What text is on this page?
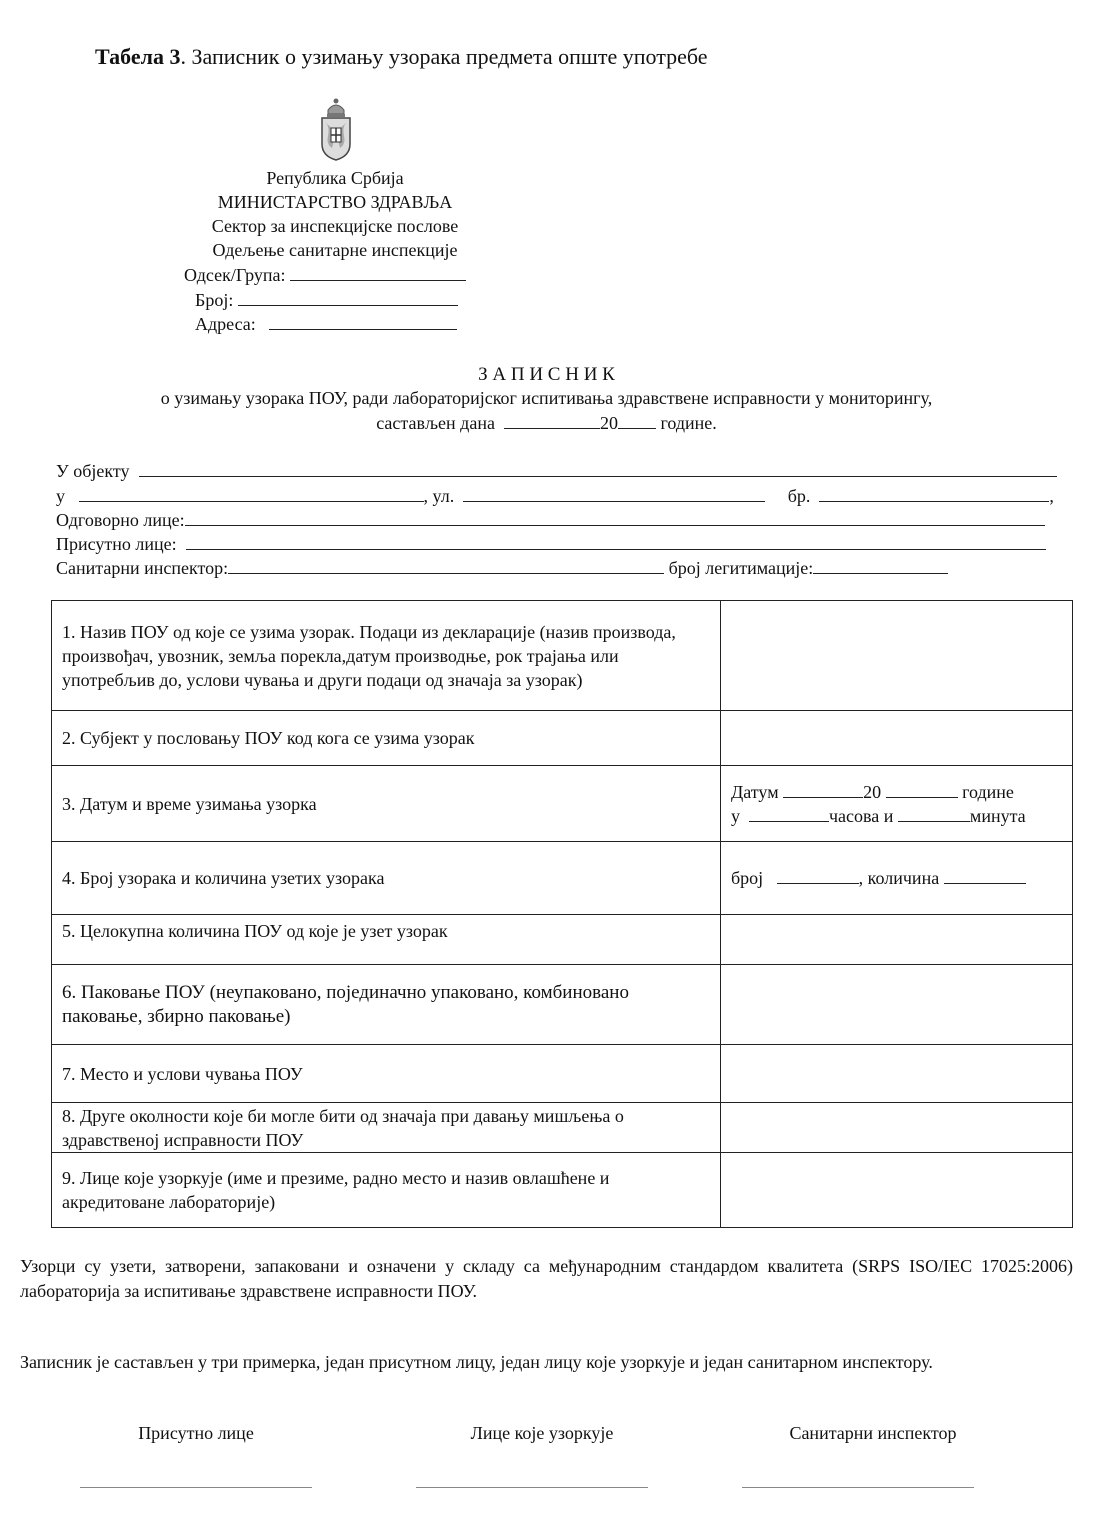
Табела 3. Записник о узимању узорака предмета опште употребе
Република Србија
МИНИСТАРСТВО ЗДРАВЉА
Сектор за инспекцијске послове
Одељење санитарне инспекције
Одсек/Група:
Број:
Адреса:
З А П И С Н И К
о узимању узорака ПОУ, ради лабораторијског испитивања здравствене исправности у мониторингу,
састављен дана	20 године.
У објекту
у	, ул.	бр.	,
Одговорно лице:
Присутно лице:
Санитарни инспектор:	број легитимације:
1. Назив ПОУ од које се узима узорак. Подаци из декларације (назив производа, произвођач, увозник, земља порекла,датум производње, рок трајања или употребљив до, услови чувања и други подаци од значаја за узорак)	
2. Субјект у пословању ПОУ код кога се узима узорак	
3. Датум и време узимања узорка	Датум 20 године
у часова и минута

4. Број узорака и количина узетих узорака	број , количина
5. Целокупна количина ПОУ од које је узет узорак	
6. Паковање ПОУ (неупаковано, појединачно упаковано, комбиновано паковање, збирно паковање)	
7. Место и услови чувања ПОУ	
8. Друге околности које би могле бити од значаја при давању мишљења о здравственој исправности ПОУ	
9. Лице које узоркује (име и презиме, радно место и назив овлашћене и акредитоване лабораторије)	
Узорци су узети, затворени, запаковани и означени у складу са међународним стандардом квалитета (SRPS ISO/IEC 17025:2006) лабораторија за испитивање здравствене исправности ПОУ.
Записник је састављен у три примерка, један присутном лицу, један лицу које узоркује и један санитарном инспектору.
Присутно лице	Лице које узоркује	Санитарни инспектор
